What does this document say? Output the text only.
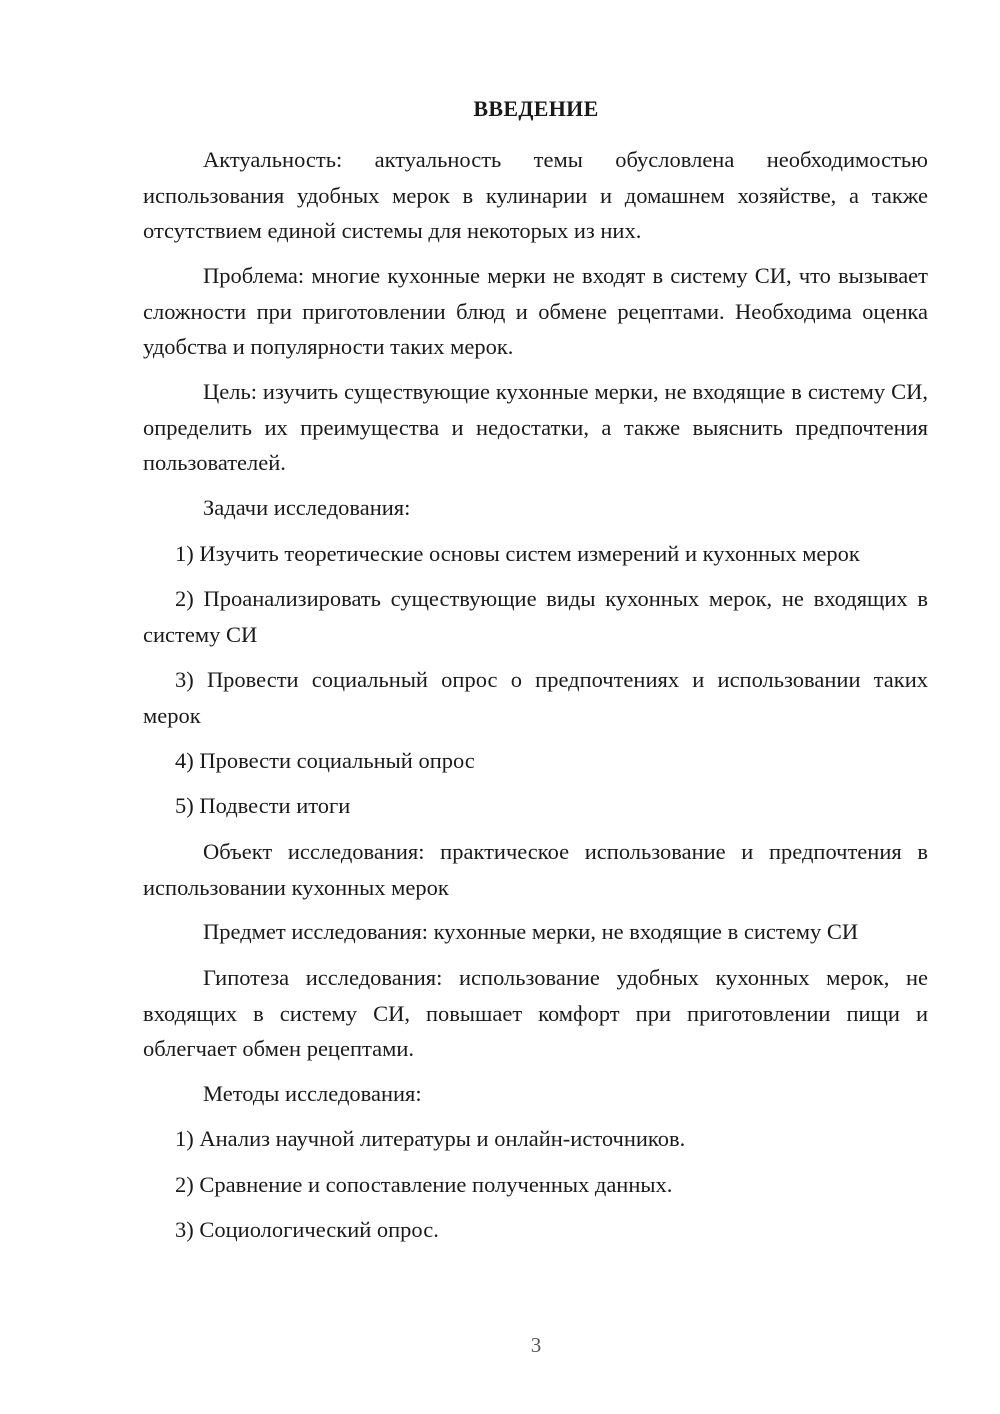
ВВЕДЕНИЕ

Актуальность: актуальность темы обусловлена необходимостью использования удобных мерок в кулинарии и домашнем хозяйстве, а также отсутствием единой системы для некоторых из них.

Проблема: многие кухонные мерки не входят в систему СИ, что вызывает сложности при приготовлении блюд и обмене рецептами. Необходима оценка удобства и популярности таких мерок.

Цель: изучить существующие кухонные мерки, не входящие в систему СИ, определить их преимущества и недостатки, а также выяснить предпочтения пользователей.

Задачи исследования:

1) Изучить теоретические основы систем измерений и кухонных мерок

2) Проанализировать существующие виды кухонных мерок, не входящих в систему СИ

3) Провести социальный опрос о предпочтениях и использовании таких мерок

4) Провести социальный опрос

5) Подвести итоги

Объект исследования: практическое использование и предпочтения в использовании кухонных мерок

Предмет исследования: кухонные мерки, не входящие в систему СИ

Гипотеза исследования: использование удобных кухонных мерок, не входящих в систему СИ, повышает комфорт при приготовлении пищи и облегчает обмен рецептами.

Методы исследования:

1) Анализ научной литературы и онлайн-источников.

2) Сравнение и сопоставление полученных данных.

3) Социологический опрос.

3
